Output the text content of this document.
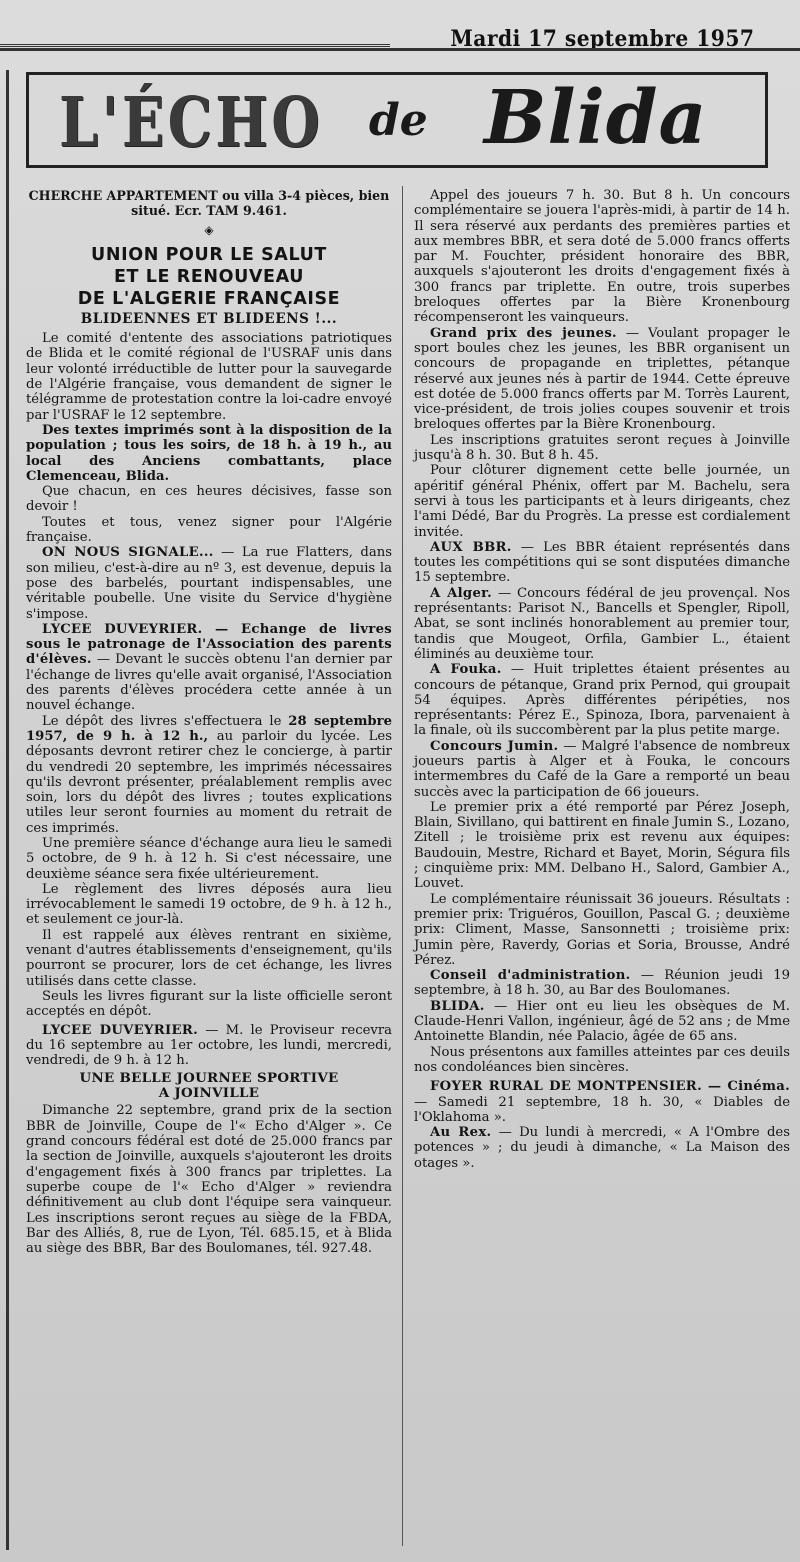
Mardi 17 septembre 1957
L'ÉCHO de Blida

CHERCHE APPARTEMENT ou villa 3-4 pièces, bien situé. Ecr. TAM 9.461.

◈
UNION POUR LE SALUT
ET LE RENOUVEAU
DE L'ALGERIE FRANÇAISE
BLIDEENNES ET BLIDEENS !...

Le comité d'entente des associations patriotiques de Blida et le comité régional de l'USRAF unis dans leur volonté irréductible de lutter pour la sauvegarde de l'Algérie française, vous demandent de signer le télégramme de protestation contre la loi-cadre envoyé par l'USRAF le 12 septembre.

Des textes imprimés sont à la disposition de la population ; tous les soirs, de 18 h. à 19 h., au local des Anciens combattants, place Clemenceau, Blida.

Que chacun, en ces heures décisives, fasse son devoir !

Toutes et tous, venez signer pour l'Algérie française.

ON NOUS SIGNALE... — La rue Flatters, dans son milieu, c'est-à-dire au nº 3, est devenue, depuis la pose des barbelés, pourtant indispensables, une véritable poubelle. Une visite du Service d'hygiène s'impose.

LYCEE DUVEYRIER. — Echange de livres sous le patronage de l'Association des parents d'élèves. — Devant le succès obtenu l'an dernier par l'échange de livres qu'elle avait organisé, l'Association des parents d'élèves procédera cette année à un nouvel échange.

Le dépôt des livres s'effectuera le 28 septembre 1957, de 9 h. à 12 h., au parloir du lycée. Les déposants devront retirer chez le concierge, à partir du vendredi 20 septembre, les imprimés nécessaires qu'ils devront présenter, préalablement remplis avec soin, lors du dépôt des livres ; toutes explications utiles leur seront fournies au moment du retrait de ces imprimés.

Une première séance d'échange aura lieu le samedi 5 octobre, de 9 h. à 12 h. Si c'est nécessaire, une deuxième séance sera fixée ultérieurement.

Le règlement des livres déposés aura lieu irrévocablement le samedi 19 octobre, de 9 h. à 12 h., et seulement ce jour-là.

Il est rappelé aux élèves rentrant en sixième, venant d'autres établissements d'enseignement, qu'ils pourront se procurer, lors de cet échange, les livres utilisés dans cette classe.

Seuls les livres figurant sur la liste officielle seront acceptés en dépôt.

LYCEE DUVEYRIER. — M. le Proviseur recevra du 16 septembre au 1er octobre, les lundi, mercredi, vendredi, de 9 h. à 12 h.

UNE BELLE JOURNEE SPORTIVE
A JOINVILLE

Dimanche 22 septembre, grand prix de la section BBR de Joinville, Coupe de l'« Echo d'Alger ». Ce grand concours fédéral est doté de 25.000 francs par la section de Joinville, auxquels s'ajouteront les droits d'engagement fixés à 300 francs par triplettes. La superbe coupe de l'« Echo d'Alger » reviendra définitivement au club dont l'équipe sera vainqueur. Les inscriptions seront reçues au siège de la FBDA, Bar des Alliés, 8, rue de Lyon, Tél. 685.15, et à Blida au siège des BBR, Bar des Boulomanes, tél. 927.48.

Appel des joueurs 7 h. 30. But 8 h. Un concours complémentaire se jouera l'après-midi, à partir de 14 h. Il sera réservé aux perdants des premières parties et aux membres BBR, et sera doté de 5.000 francs offerts par M. Fouchter, président honoraire des BBR, auxquels s'ajouteront les droits d'engagement fixés à 300 francs par triplette. En outre, trois superbes breloques offertes par la Bière Kronenbourg récompenseront les vainqueurs.

Grand prix des jeunes. — Voulant propager le sport boules chez les jeunes, les BBR organisent un concours de propagande en triplettes, pétanque réservé aux jeunes nés à partir de 1944. Cette épreuve est dotée de 5.000 francs offerts par M. Torrès Laurent, vice-président, de trois jolies coupes souvenir et trois breloques offertes par la Bière Kronenbourg.

Les inscriptions gratuites seront reçues à Joinville jusqu'à 8 h. 30. But 8 h. 45.

Pour clôturer dignement cette belle journée, un apéritif général Phénix, offert par M. Bachelu, sera servi à tous les participants et à leurs dirigeants, chez l'ami Dédé, Bar du Progrès. La presse est cordialement invitée.

AUX BBR. — Les BBR étaient représentés dans toutes les compétitions qui se sont disputées dimanche 15 septembre.

A Alger. — Concours fédéral de jeu provençal. Nos représentants: Parisot N., Bancells et Spengler, Ripoll, Abat, se sont inclinés honorablement au premier tour, tandis que Mougeot, Orfila, Gambier L., étaient éliminés au deuxième tour.

A Fouka. — Huit triplettes étaient présentes au concours de pétanque, Grand prix Pernod, qui groupait 54 équipes. Après différentes péripéties, nos représentants: Pérez E., Spinoza, Ibora, parvenaient à la finale, où ils succombèrent par la plus petite marge.

Concours Jumin. — Malgré l'absence de nombreux joueurs partis à Alger et à Fouka, le concours intermembres du Café de la Gare a remporté un beau succès avec la participation de 66 joueurs.

Le premier prix a été remporté par Pérez Joseph, Blain, Sivillano, qui battirent en finale Jumin S., Lozano, Zitell ; le troisième prix est revenu aux équipes: Baudouin, Mestre, Richard et Bayet, Morin, Ségura fils ; cinquième prix: MM. Delbano H., Salord, Gambier A., Louvet.

Le complémentaire réunissait 36 joueurs. Résultats : premier prix: Triguéros, Gouillon, Pascal G. ; deuxième prix: Climent, Masse, Sansonnetti ; troisième prix: Jumin père, Raverdy, Gorias et Soria, Brousse, André Pérez.

Conseil d'administration. — Réunion jeudi 19 septembre, à 18 h. 30, au Bar des Boulomanes.

BLIDA. — Hier ont eu lieu les obsèques de M. Claude-Henri Vallon, ingénieur, âgé de 52 ans ; de Mme Antoinette Blandin, née Palacio, âgée de 65 ans.

Nous présentons aux familles atteintes par ces deuils nos condoléances bien sincères.

FOYER RURAL DE MONTPENSIER. — Cinéma. — Samedi 21 septembre, 18 h. 30, « Diables de l'Oklahoma ».

Au Rex. — Du lundi à mercredi, « A l'Ombre des potences » ; du jeudi à dimanche, « La Maison des otages ».
